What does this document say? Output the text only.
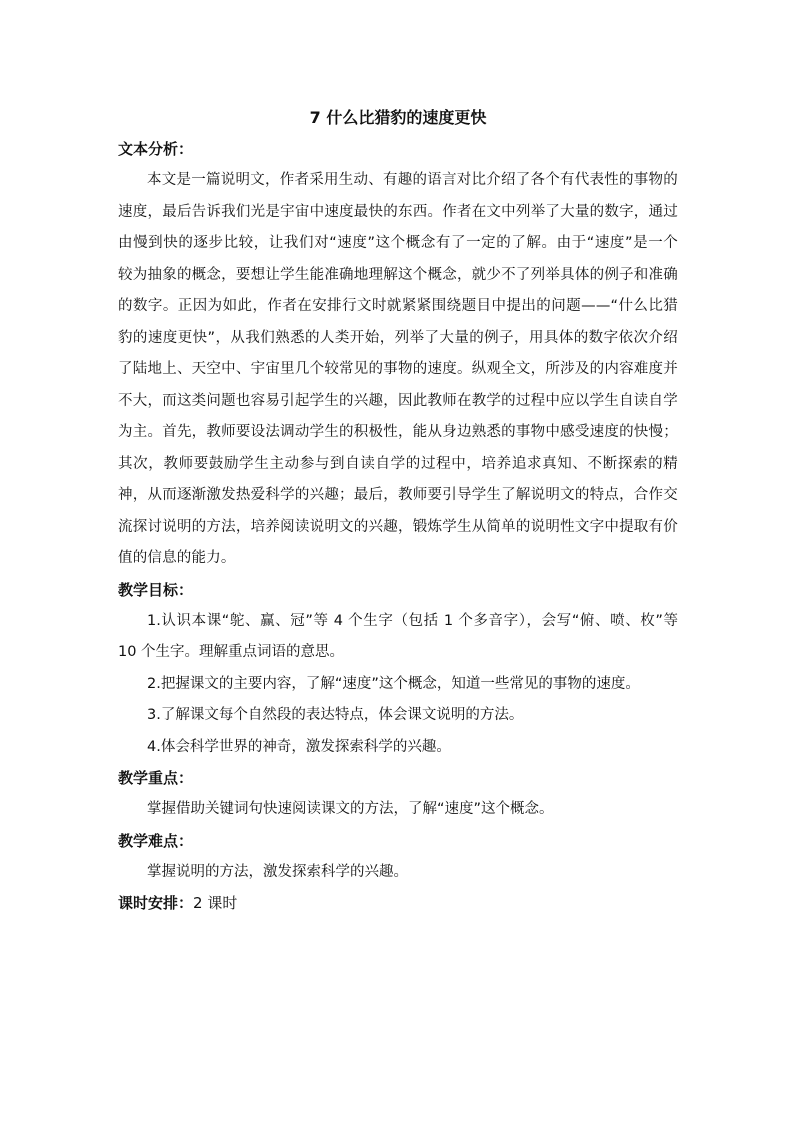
7 什么比猎豹的速度更快
文本分析：

本文是一篇说明文，作者采用生动、有趣的语言对比介绍了各个有代表性的事物的速度，最后告诉我们光是宇宙中速度最快的东西。作者在文中列举了大量的数字，通过由慢到快的逐步比较，让我们对“速度”这个概念有了一定的了解。由于“速度”是一个较为抽象的概念，要想让学生能准确地理解这个概念，就少不了列举具体的例子和准确的数字。正因为如此，作者在安排行文时就紧紧围绕题目中提出的问题——“什么比猎豹的速度更快”，从我们熟悉的人类开始，列举了大量的例子，用具体的数字依次介绍了陆地上、天空中、宇宙里几个较常见的事物的速度。纵观全文，所涉及的内容难度并不大，而这类问题也容易引起学生的兴趣，因此教师在教学的过程中应以学生自读自学为主。首先，教师要设法调动学生的积极性，能从身边熟悉的事物中感受速度的快慢；其次，教师要鼓励学生主动参与到自读自学的过程中，培养追求真知、不断探索的精神，从而逐渐激发热爱科学的兴趣；最后，教师要引导学生了解说明文的特点，合作交流探讨说明的方法，培养阅读说明文的兴趣，锻炼学生从简单的说明性文字中提取有价值的信息的能力。

教学目标：

1.认识本课“鸵、赢、冠”等 4 个生字（包括 1 个多音字），会写“俯、喷、枚”等 10 个生字。理解重点词语的意思。

2.把握课文的主要内容，了解“速度”这个概念，知道一些常见的事物的速度。

3.了解课文每个自然段的表达特点，体会课文说明的方法。

4.体会科学世界的神奇，激发探索科学的兴趣。

教学重点：

掌握借助关键词句快速阅读课文的方法，了解“速度”这个概念。

教学难点：

掌握说明的方法，激发探索科学的兴趣。

课时安排：2 课时
